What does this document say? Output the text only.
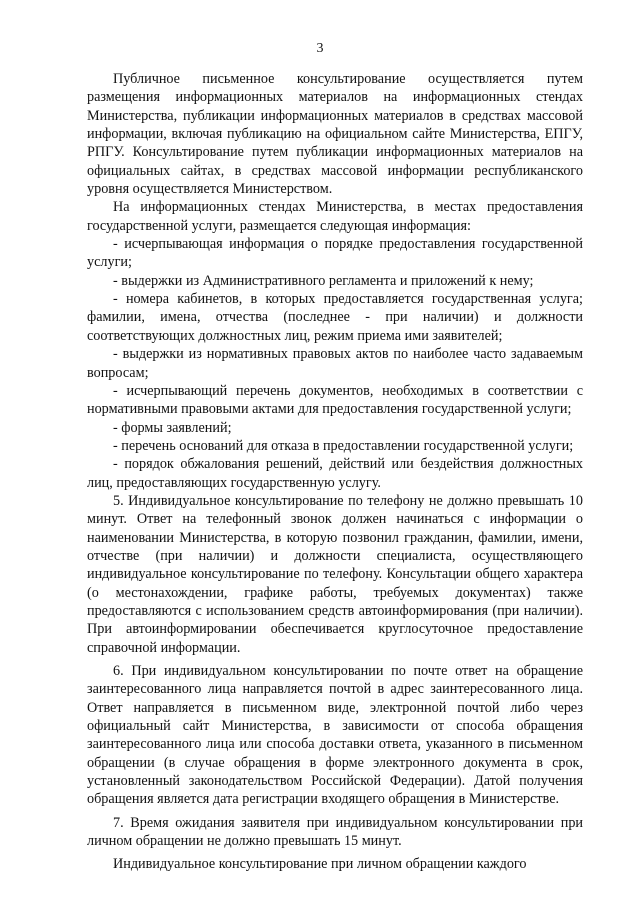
3

Публичное письменное консультирование осуществляется путем размещения информационных материалов на информационных стендах Министерства, публикации информационных материалов в средствах массовой информации, включая публикацию на официальном сайте Министерства, ЕПГУ, РПГУ. Консультирование путем публикации информационных материалов на официальных сайтах, в средствах массовой информации республиканского уровня осуществляется Министерством.

На информационных стендах Министерства, в местах предоставления государственной услуги, размещается следующая информация:

- исчерпывающая информация о порядке предоставления государственной услуги;

- выдержки из Административного регламента и приложений к нему;

- номера кабинетов, в которых предоставляется государственная услуга; фамилии, имена, отчества (последнее - при наличии) и должности соответствующих должностных лиц, режим приема ими заявителей;

- выдержки из нормативных правовых актов по наиболее часто задаваемым вопросам;

- исчерпывающий перечень документов, необходимых в соответствии с нормативными правовыми актами для предоставления государственной услуги;

- формы заявлений;

- перечень оснований для отказа в предоставлении государственной услуги;

- порядок обжалования решений, действий или бездействия должностных лиц, предоставляющих государственную услугу.

5. Индивидуальное консультирование по телефону не должно превышать 10 минут. Ответ на телефонный звонок должен начинаться с информации о наименовании Министерства, в которую позвонил гражданин, фамилии, имени, отчестве (при наличии) и должности специалиста, осуществляющего индивидуальное консультирование по телефону. Консультации общего характера (о местонахождении, графике работы, требуемых документах) также предоставляются с использованием средств автоинформирования (при наличии). При автоинформировании обеспечивается круглосуточное предоставление справочной информации.

6. При индивидуальном консультировании по почте ответ на обращение заинтересованного лица направляется почтой в адрес заинтересованного лица. Ответ направляется в письменном виде, электронной почтой либо через официальный сайт Министерства, в зависимости от способа обращения заинтересованного лица или способа доставки ответа, указанного в письменном обращении (в случае обращения в форме электронного документа в срок, установленный законодательством Российской Федерации). Датой получения обращения является дата регистрации входящего обращения в Министерстве.

7. Время ожидания заявителя при индивидуальном консультировании при личном обращении не должно превышать 15 минут.

Индивидуальное консультирование при личном обращении каждого
